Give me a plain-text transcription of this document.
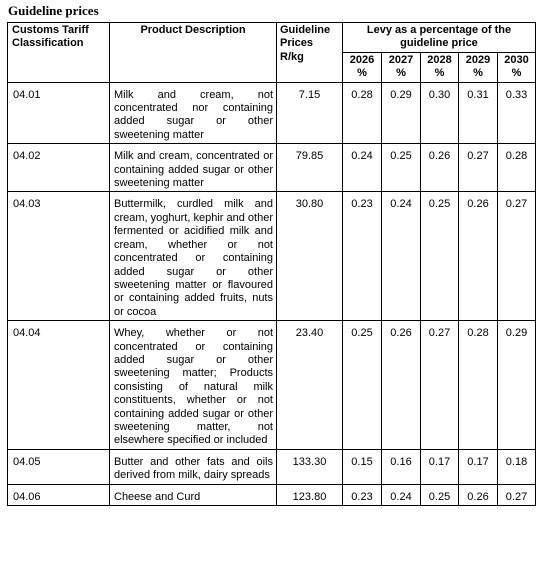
Guideline prices
Customs Tariff Classification	Product Description	Guideline Prices R/kg	Levy as a percentage of the guideline price				
			2026 %	2027 %	2028 %	2029 %	2030 %
04.01	Milk and cream, not concentrated nor containing added sugar or other sweetening matter	7.15	0.28	0.29	0.30	0.31	0.33
04.02	Milk and cream, concentrated or containing added sugar or other sweetening matter	79.85	0.24	0.25	0.26	0.27	0.28
04.03	Buttermilk, curdled milk and cream, yoghurt, kephir and other fermented or acidified milk and cream, whether or not concentrated or containing added sugar or other sweetening matter or flavoured or containing added fruits, nuts or cocoa	30.80	0.23	0.24	0.25	0.26	0.27
04.04	Whey, whether or not concentrated or containing added sugar or other sweetening matter; Products consisting of natural milk constituents, whether or not containing added sugar or other sweetening matter, not elsewhere specified or included	23.40	0.25	0.26	0.27	0.28	0.29
04.05	Butter and other fats and oils derived from milk, dairy spreads	133.30	0.15	0.16	0.17	0.17	0.18
04.06	Cheese and Curd	123.80	0.23	0.24	0.25	0.26	0.27
